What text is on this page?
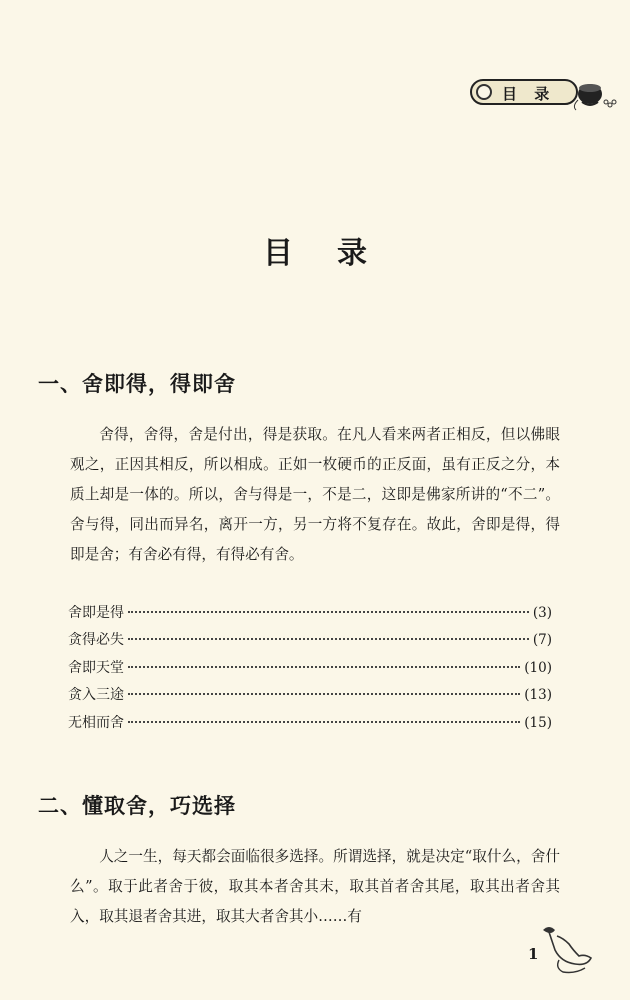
目 录
目录
一、舍即得，得即舍

舍得，舍得，舍是付出，得是获取。在凡人看来两者正相反，但以佛眼观之，正因其相反，所以相成。正如一枚硬币的正反面，虽有正反之分，本质上却是一体的。所以，舍与得是一，不是二，这即是佛家所讲的“不二”。舍与得，同出而异名，离开一方，另一方将不复存在。故此，舍即是得，得即是舍；有舍必有得，有得必有舍。

舍即是得	(3)
贪得必失	(7)
舍即天堂	(10)
贪入三途	(13)
无相而舍	(15)
二、懂取舍，巧选择

人之一生，每天都会面临很多选择。所谓选择，就是决定“取什么，舍什么”。取于此者舍于彼，取其本者舍其末，取其首者舍其尾，取其出者舍其入，取其退者舍其进，取其大者舍其小……有

1
